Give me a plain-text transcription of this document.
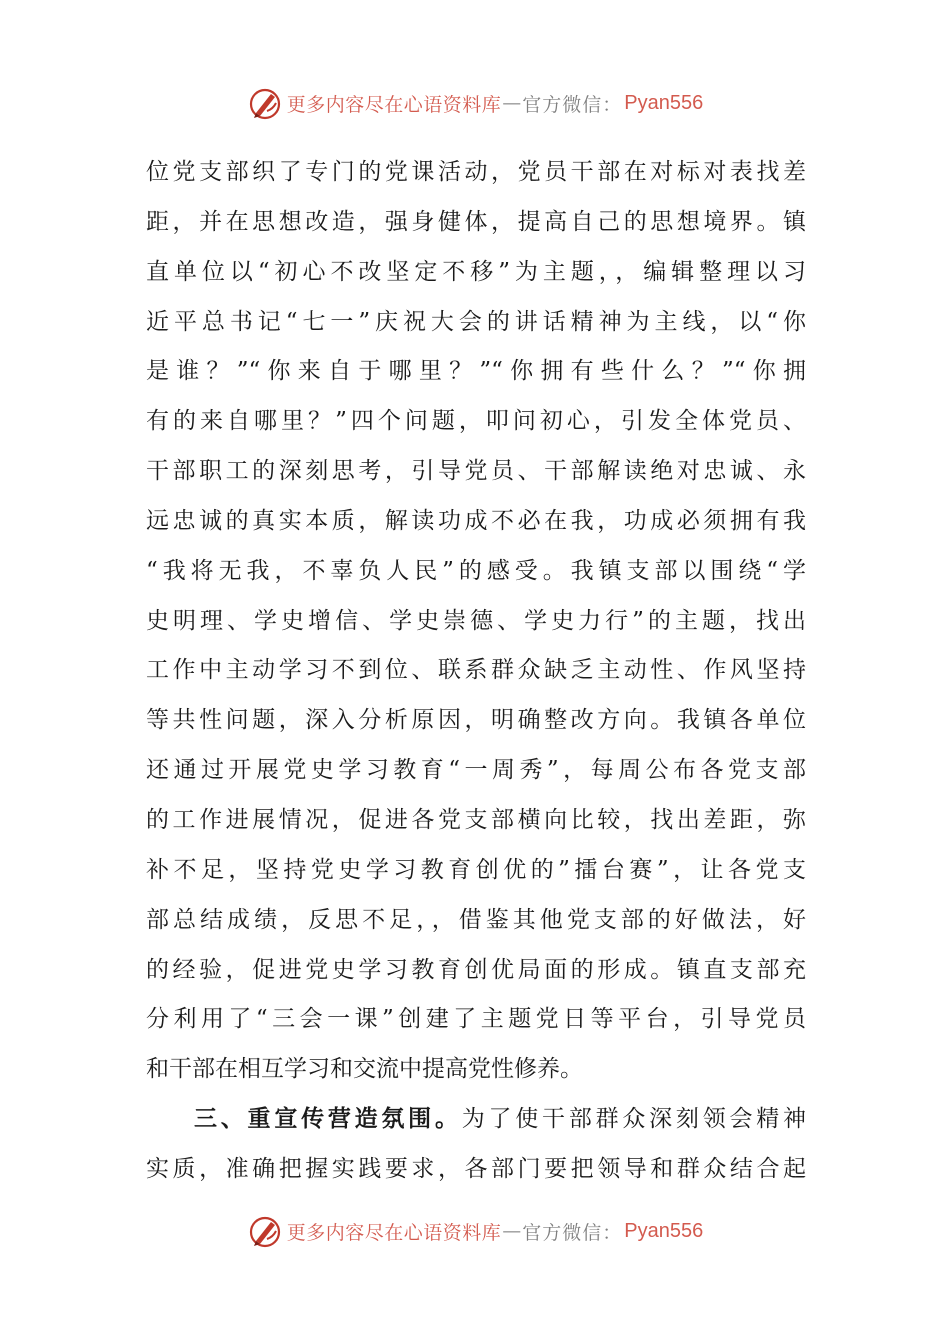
更多内容尽在心语资料库 — 官方微信： Pyan556
位党支部织了专门的党课活动，党员干部在对标对表找差
距，并在思想改造，强身健体，提高自己的思想境界。镇
直单位以“初心不改坚定不移”为主题，，编辑整理以习
近平总书记“七一”庆祝大会的讲话精神为主线，以“你
是谁？”“你来自于哪里？”“你拥有些什么？”“你拥
有的来自哪里？”四个问题，叩问初心，引发全体党员、
干部职工的深刻思考，引导党员、干部解读绝对忠诚、永
远忠诚的真实本质，解读功成不必在我，功成必须拥有我
“我将无我，不辜负人民”的感受。我镇支部以围绕“学
史明理、学史增信、学史崇德、学史力行”的主题，找出
工作中主动学习不到位、联系群众缺乏主动性、作风坚持
等共性问题，深入分析原因，明确整改方向。我镇各单位
还通过开展党史学习教育“一周秀”，每周公布各党支部
的工作进展情况，促进各党支部横向比较，找出差距，弥
补不足，坚持党史学习教育创优的”擂台赛”，让各党支
部总结成绩，反思不足，，借鉴其他党支部的好做法，好
的经验，促进党史学习教育创优局面的形成。镇直支部充
分利用了“三会一课”创建了主题党日等平台，引导党员
和干部在相互学习和交流中提高党性修养。
三、重宣传营造氛围。为了使干部群众深刻领会精神
实质，准确把握实践要求，各部门要把领导和群众结合起
更多内容尽在心语资料库 — 官方微信： Pyan556
